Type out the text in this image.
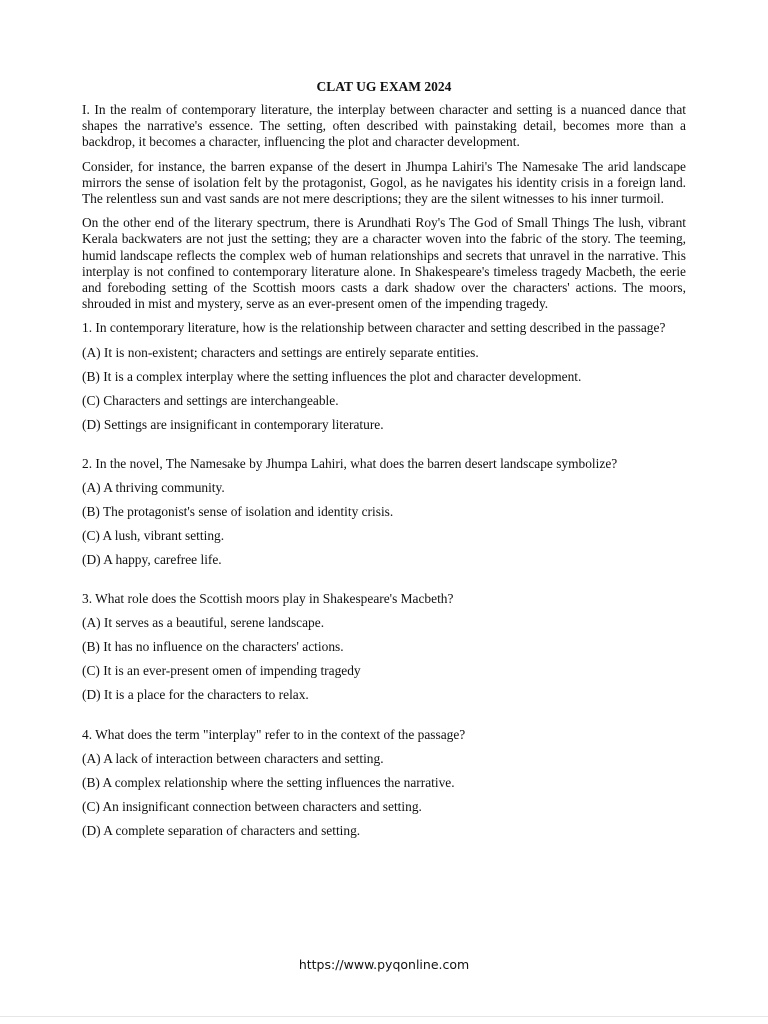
CLAT UG EXAM 2024

I. In the realm of contemporary literature, the interplay between character and setting is a nuanced dance that shapes the narrative's essence. The setting, often described with painstaking detail, becomes more than a backdrop, it becomes a character, influencing the plot and character development.

Consider, for instance, the barren expanse of the desert in Jhumpa Lahiri's The Namesake The arid landscape mirrors the sense of isolation felt by the protagonist, Gogol, as he navigates his identity crisis in a foreign land. The relentless sun and vast sands are not mere descriptions; they are the silent witnesses to his inner turmoil.

On the other end of the literary spectrum, there is Arundhati Roy's The God of Small Things The lush, vibrant Kerala backwaters are not just the setting; they are a character woven into the fabric of the story. The teeming, humid landscape reflects the complex web of human relationships and secrets that unravel in the narrative. This interplay is not confined to contemporary literature alone. In Shakespeare's timeless tragedy Macbeth, the eerie and foreboding setting of the Scottish moors casts a dark shadow over the characters' actions. The moors, shrouded in mist and mystery, serve as an ever-present omen of the impending tragedy.

1. In contemporary literature, how is the relationship between character and setting described in the passage?
(A) It is non-existent; characters and settings are entirely separate entities.
(B) It is a complex interplay where the setting influences the plot and character development.
(C) Characters and settings are interchangeable.
(D) Settings are insignificant in contemporary literature.
2. In the novel, The Namesake by Jhumpa Lahiri, what does the barren desert landscape symbolize?
(A) A thriving community.
(B) The protagonist's sense of isolation and identity crisis.
(C) A lush, vibrant setting.
(D) A happy, carefree life.
3. What role does the Scottish moors play in Shakespeare's Macbeth?
(A) It serves as a beautiful, serene landscape.
(B) It has no influence on the characters' actions.
(C) It is an ever-present omen of impending tragedy
(D) It is a place for the characters to relax.
4. What does the term "interplay" refer to in the context of the passage?
(A) A lack of interaction between characters and setting.
(B) A complex relationship where the setting influences the narrative.
(C) An insignificant connection between characters and setting.
(D) A complete separation of characters and setting.
https://www.pyqonline.com
